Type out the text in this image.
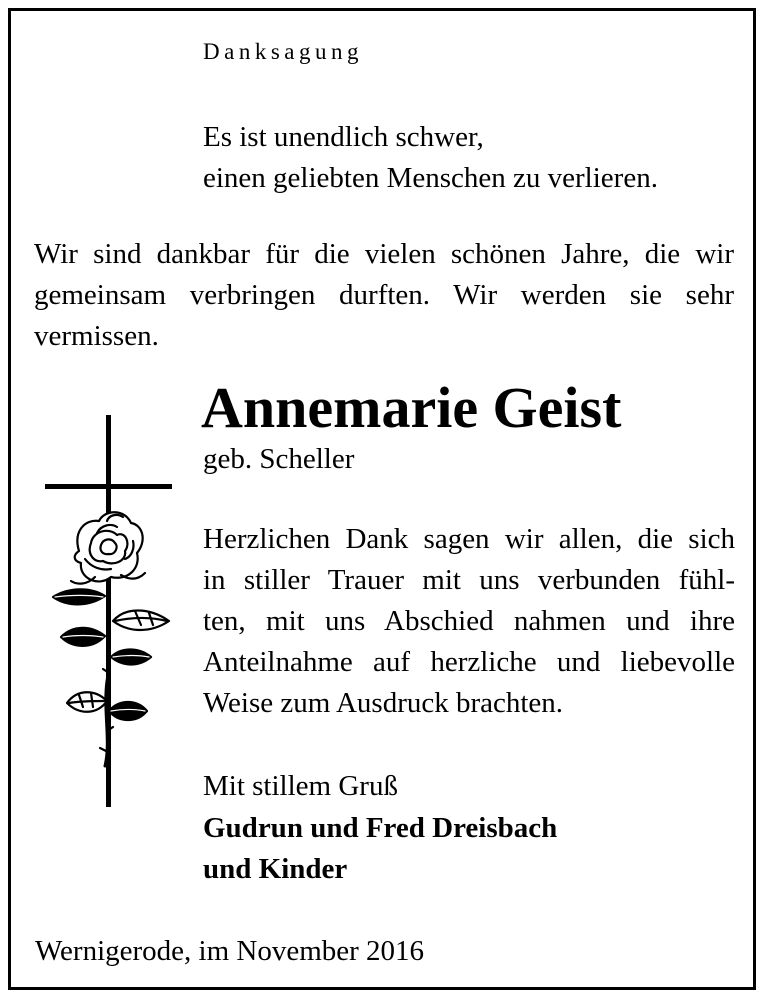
Danksagung
Es ist unendlich schwer,
einen geliebten Menschen zu verlieren.
Wir sind dankbar für die vielen schönen Jahre, die wir
gemeinsam verbringen durften. Wir werden sie sehr
vermissen.
Annemarie Geist
geb. Scheller
Herzlichen Dank sagen wir allen, die sich
in stiller Trauer mit uns verbunden fühl-
ten, mit uns Abschied nahmen und ihre
Anteilnahme auf herzliche und liebevolle
Weise zum Ausdruck brachten.
Mit stillem Gruß
Gudrun und Fred Dreisbach
und Kinder
Wernigerode, im November 2016
